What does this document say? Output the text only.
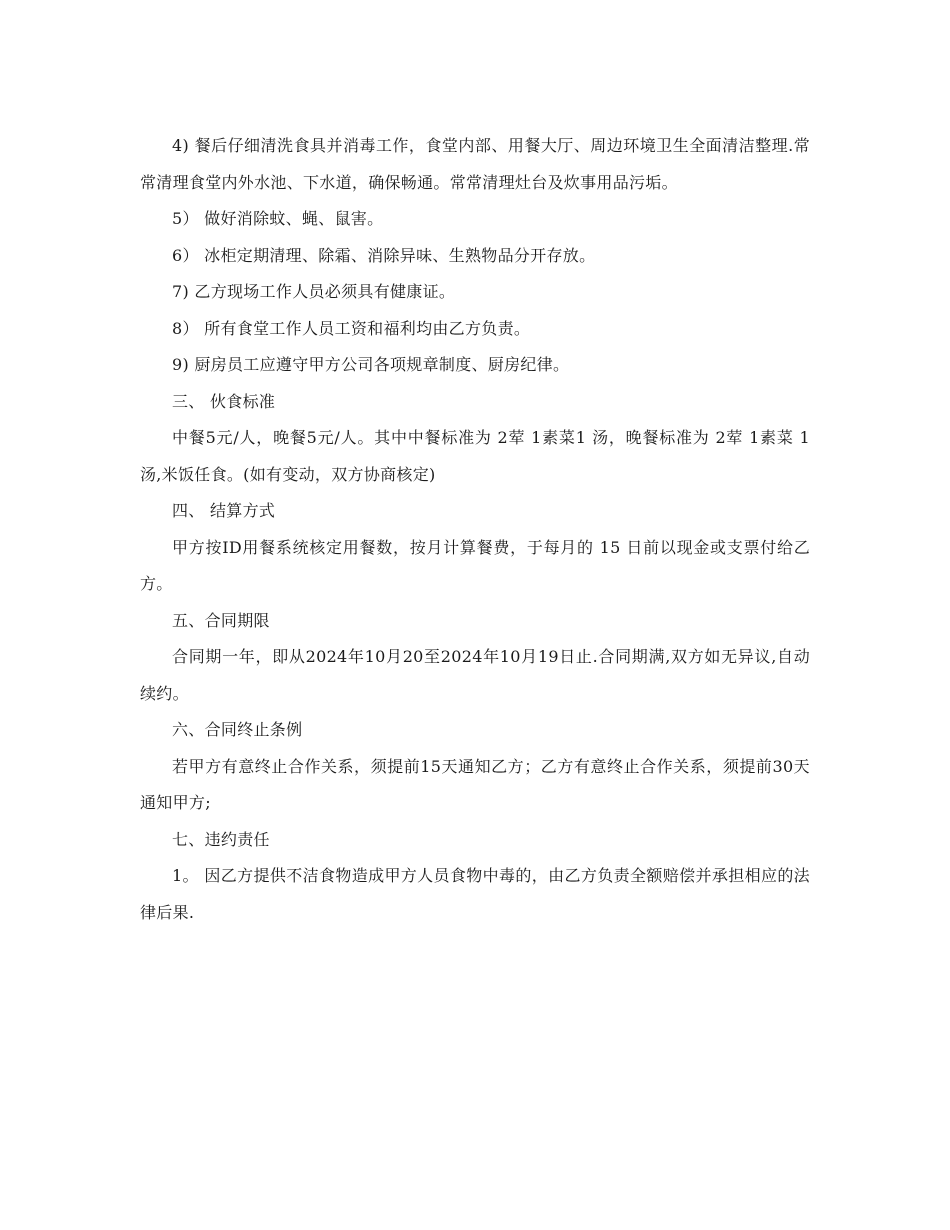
4) 餐后仔细清洗食具并消毒工作，食堂内部、用餐大厅、周边环境卫生全面清洁整理.常常清理食堂内外水池、下水道，确保畅通。常常清理灶台及炊事用品污垢。

5） 做好消除蚊、蝇、鼠害。

6） 冰柜定期清理、除霜、消除异味、生熟物品分开存放。

7) 乙方现场工作人员必须具有健康证。

8） 所有食堂工作人员工资和福利均由乙方负责。

9) 厨房员工应遵守甲方公司各项规章制度、厨房纪律。

三、 伙食标准

中餐5元/人，晚餐5元/人。其中中餐标准为 2荤 1素菜1 汤，晚餐标准为 2荤 1素菜 1汤,米饭任食。(如有变动，双方协商核定)

四、 结算方式

甲方按ID用餐系统核定用餐数，按月计算餐费，于每月的 15 日前以现金或支票付给乙方。

五、合同期限

合同期一年，即从2024年10月20至2024年10月19日止.合同期满,双方如无异议,自动续约。

六、合同终止条例

若甲方有意终止合作关系，须提前15天通知乙方；乙方有意终止合作关系，须提前30天通知甲方;

七、违约责任

1。 因乙方提供不洁食物造成甲方人员食物中毒的，由乙方负责全额赔偿并承担相应的法律后果.
